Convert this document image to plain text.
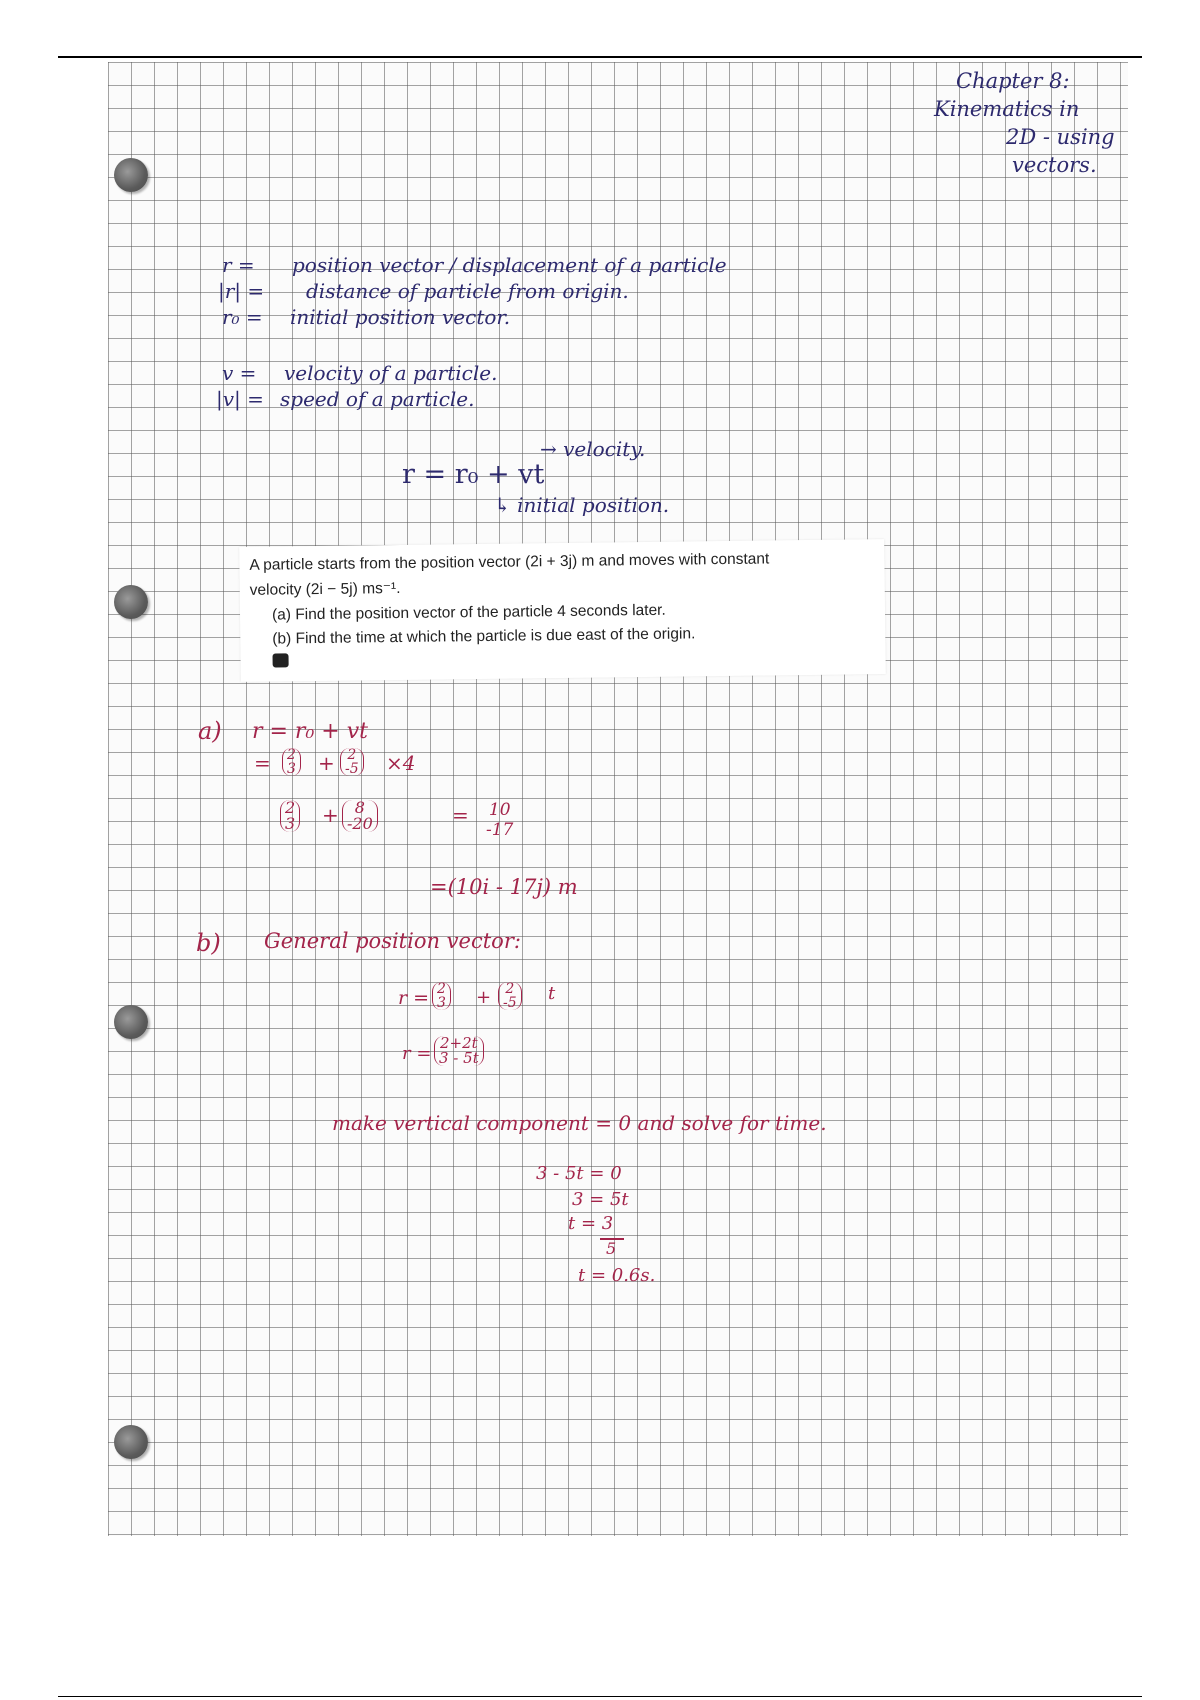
Chapter 8:
Kinematics in
2D - using
vectors.
r = position vector / displacement of a particle
|r| = distance of particle from origin.
r₀ = initial position vector.
v = velocity of a particle.
|v| = speed of a particle.
→ velocity.
r = r₀ + vt
↳ initial position.
A particle starts from the position vector (2i + 3j) m and moves with constant
velocity (2i − 5j) ms⁻¹.
(a) Find the position vector of the particle 4 seconds later.
(b) Find the time at which the particle is due east of the origin.
a) r = r₀ + vt
=	2
3 + 2
-5 ×4
2
3 +	8
-20	= 10
-17
=(10i - 17j) m
b) General position vector:
r = 2
3 +	2
-5 t
r = 2+2t
3 - 5t
make vertical component = 0 and solve for time.
3 - 5t = 0
3 = 5t
t = 3
5
t = 0.6s.
